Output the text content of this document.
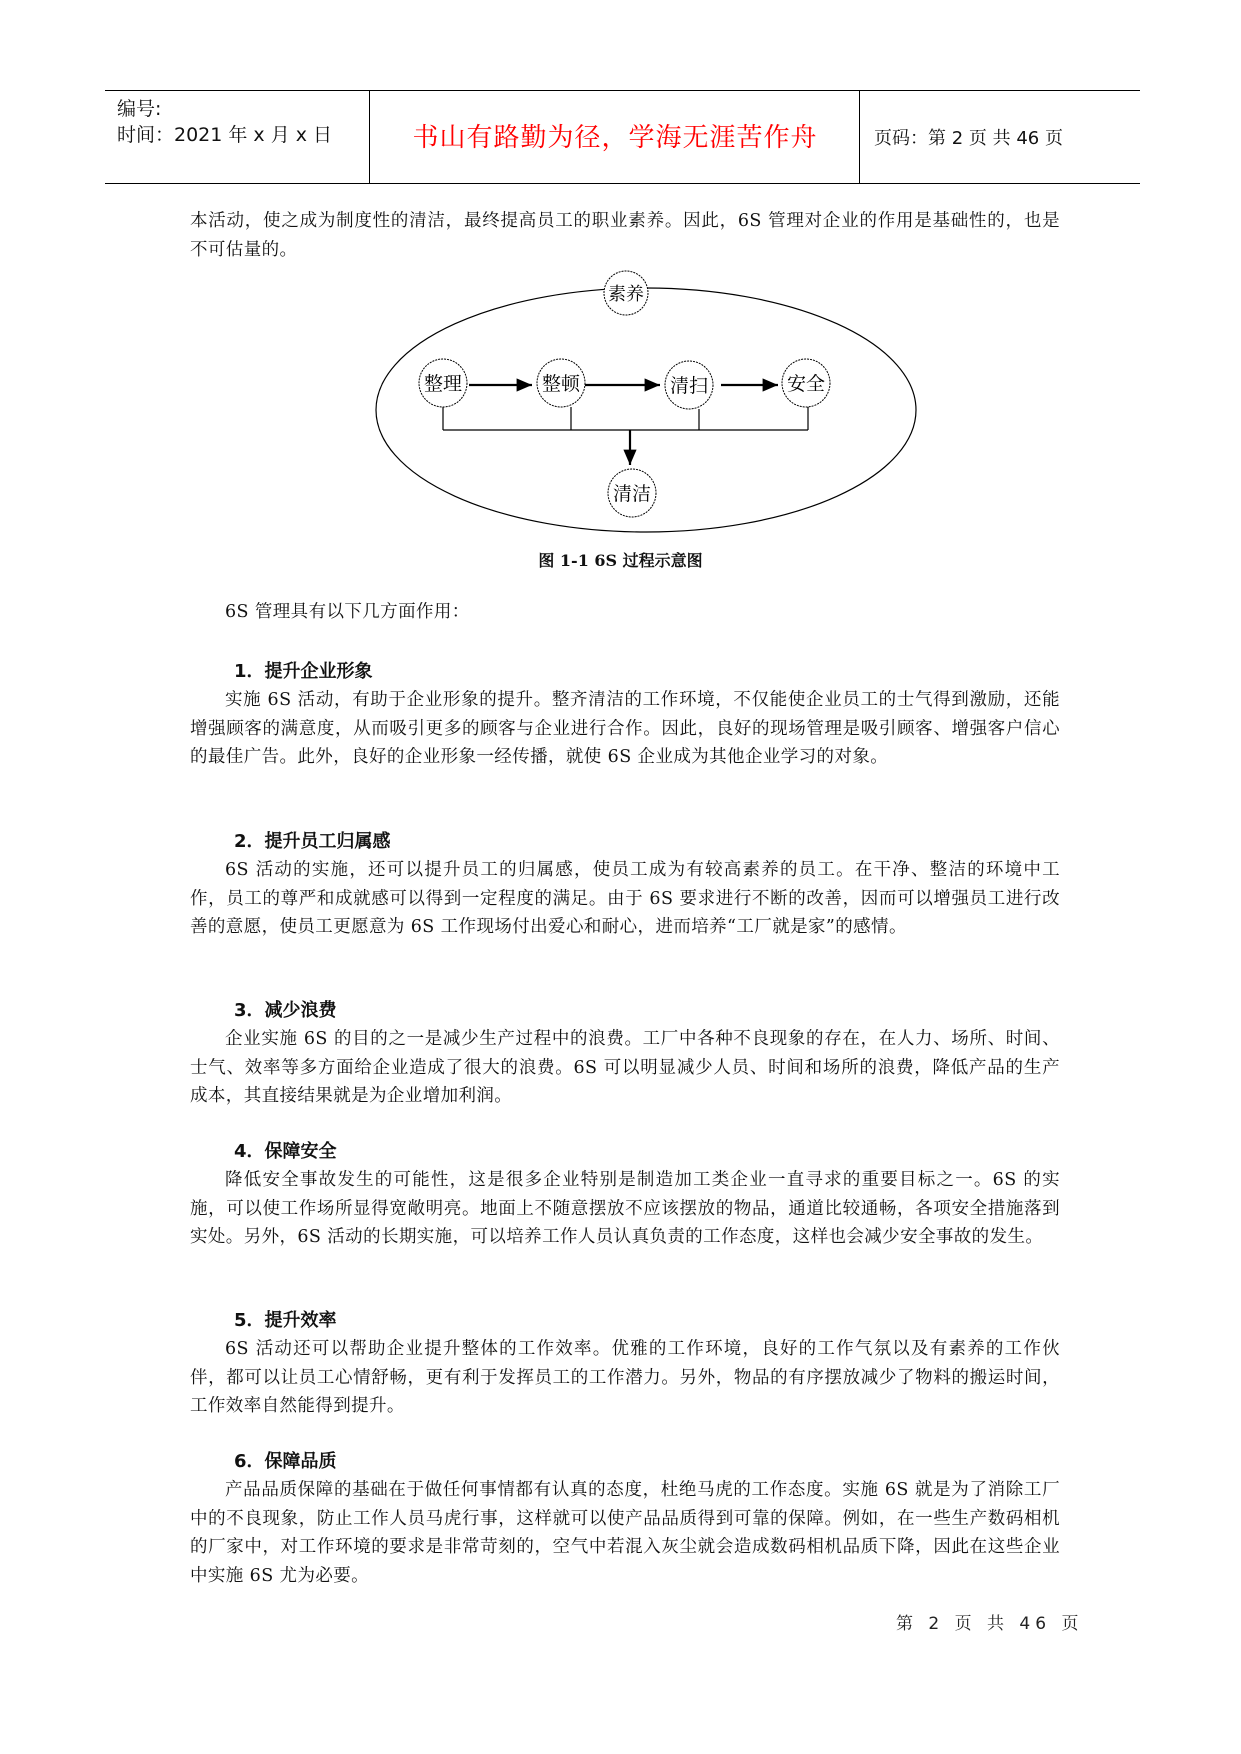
编号:
时间：2021 年 x 月 x 日	书山有路勤为径，学海无涯苦作舟	页码：第 2 页 共 46 页

本活动，使之成为制度性的清洁，最终提高员工的职业素养。因此，6S 管理对企业的作用是基础性的，也是不可估量的。

素养
整理	整顿	清扫	安全
清洁
图 1-1 6S 过程示意图

6S 管理具有以下几方面作用：

1．提升企业形象

实施 6S 活动，有助于企业形象的提升。整齐清洁的工作环境，不仅能使企业员工的士气得到激励，还能增强顾客的满意度，从而吸引更多的顾客与企业进行合作。因此，良好的现场管理是吸引顾客、增强客户信心的最佳广告。此外，良好的企业形象一经传播，就使 6S 企业成为其他企业学习的对象。

2．提升员工归属感

6S 活动的实施，还可以提升员工的归属感，使员工成为有较高素养的员工。在干净、整洁的环境中工作，员工的尊严和成就感可以得到一定程度的满足。由于 6S 要求进行不断的改善，因而可以增强员工进行改善的意愿，使员工更愿意为 6S 工作现场付出爱心和耐心，进而培养“工厂就是家”的感情。

3．减少浪费

企业实施 6S 的目的之一是减少生产过程中的浪费。工厂中各种不良现象的存在，在人力、场所、时间、士气、效率等多方面给企业造成了很大的浪费。6S 可以明显减少人员、时间和场所的浪费，降低产品的生产成本，其直接结果就是为企业增加利润。

4．保障安全

降低安全事故发生的可能性，这是很多企业特别是制造加工类企业一直寻求的重要目标之一。6S 的实施，可以使工作场所显得宽敞明亮。地面上不随意摆放不应该摆放的物品，通道比较通畅，各项安全措施落到实处。另外，6S 活动的长期实施，可以培养工作人员认真负责的工作态度，这样也会减少安全事故的发生。

5．提升效率

6S 活动还可以帮助企业提升整体的工作效率。优雅的工作环境，良好的工作气氛以及有素养的工作伙伴，都可以让员工心情舒畅，更有利于发挥员工的工作潜力。另外，物品的有序摆放减少了物料的搬运时间，工作效率自然能得到提升。

6．保障品质

产品品质保障的基础在于做任何事情都有认真的态度，杜绝马虎的工作态度。实施 6S 就是为了消除工厂中的不良现象，防止工作人员马虎行事，这样就可以使产品品质得到可靠的保障。例如，在一些生产数码相机的厂家中，对工作环境的要求是非常苛刻的，空气中若混入灰尘就会造成数码相机品质下降，因此在这些企业中实施 6S 尤为必要。

第 2 页 共 46 页
